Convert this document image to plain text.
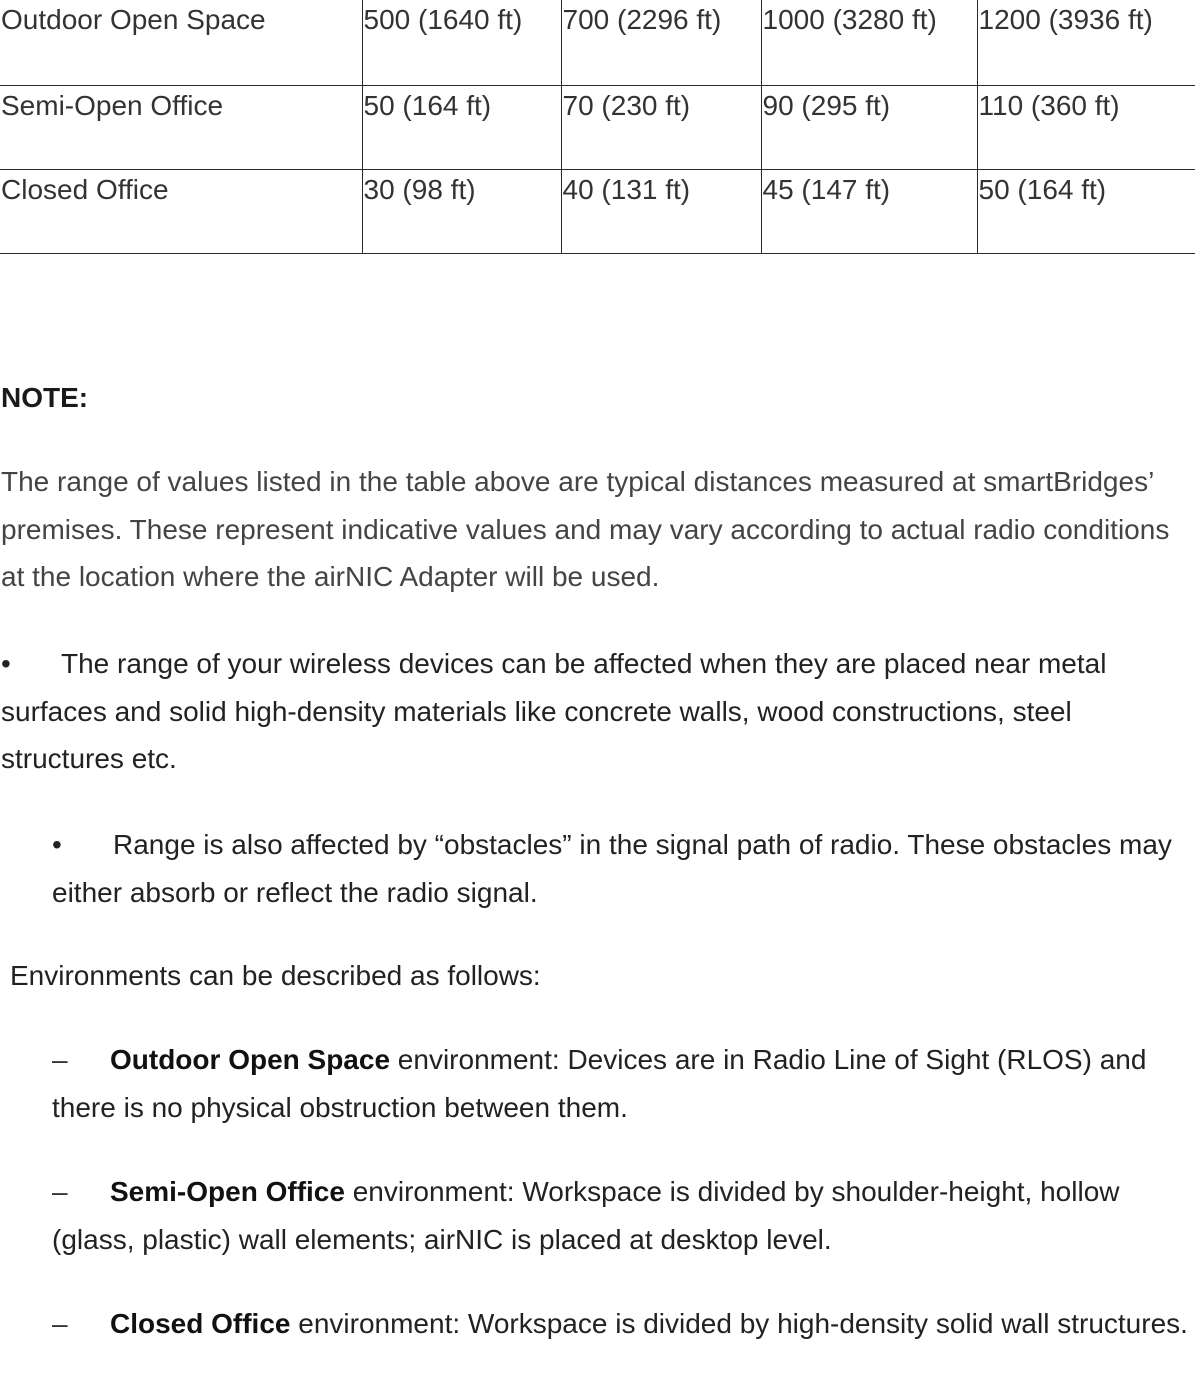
Outdoor Open Space	500 (1640 ft)	700 (2296 ft)	1000 (3280 ft)	1200 (3936 ft)
Semi-Open Office	50 (164 ft)	70 (230 ft)	90 (295 ft)	110 (360 ft)
Closed Office	30 (98 ft)	40 (131 ft)	45 (147 ft)	50 (164 ft)

NOTE:

The range of values listed in the table above are typical distances measured at smartBridges’ premises. These represent indicative values and may vary according to actual radio conditions at the location where the airNIC Adapter will be used.

• The range of your wireless devices can be affected when they are placed near metal surfaces and solid high-density materials like concrete walls, wood constructions, steel structures etc.

• Range is also affected by “obstacles” in the signal path of radio. These obstacles may either absorb or reflect the radio signal.

Environments can be described as follows:

– Outdoor Open Space environment: Devices are in Radio Line of Sight (RLOS) and there is no physical obstruction between them.

– Semi-Open Office environment: Workspace is divided by shoulder-height, hollow (glass, plastic) wall elements; airNIC is placed at desktop level.

– Closed Office environment: Workspace is divided by high-density solid wall structures.
